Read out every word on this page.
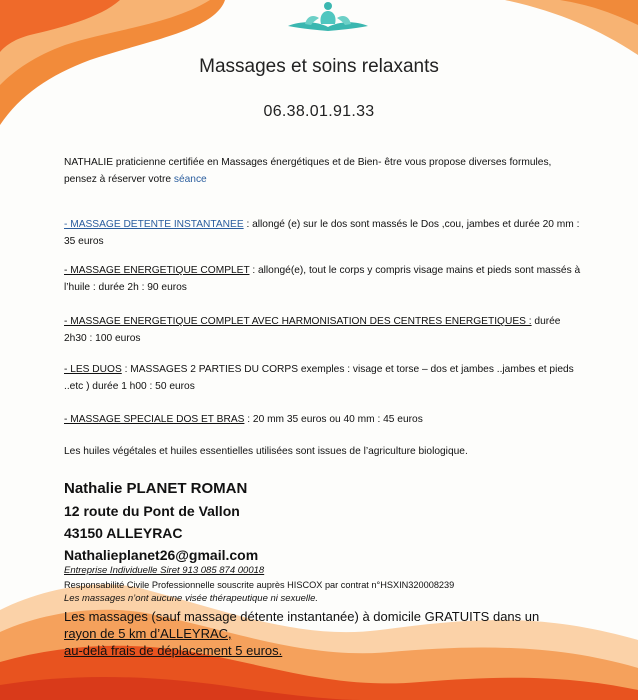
Massages et soins relaxants
06.38.01.91.33
NATHALIE praticienne certifiée en Massages énergétiques et de Bien- être vous propose diverses formules, pensez à réserver votre séance
- MASSAGE DETENTE INSTANTANEE : allongé (e) sur le dos sont massés le Dos ,cou, jambes et durée 20 mm : 35 euros
- MASSAGE ENERGETIQUE COMPLET : allongé(e), tout le corps y compris visage mains et pieds sont massés à l’huile : durée 2h : 90 euros
- MASSAGE ENERGETIQUE COMPLET AVEC HARMONISATION DES CENTRES ENERGETIQUES : durée 2h30 : 100 euros
- LES DUOS : MASSAGES 2 PARTIES DU CORPS exemples : visage et torse – dos et jambes ..jambes et pieds ..etc ) durée 1 h00 : 50 euros
- MASSAGE SPECIALE DOS ET BRAS : 20 mm 35 euros ou 40 mm : 45 euros
Les huiles végétales et huiles essentielles utilisées sont issues de l’agriculture biologique.
Nathalie PLANET ROMAN
12 route du Pont de Vallon
43150 ALLEYRAC
Nathalieplanet26@gmail.com
Entreprise Individuelle Siret 913 085 874 00018
Responsabilité Civile Professionnelle souscrite auprès HISCOX par contrat n°HSXIN320008239
Les massages n’ont aucune visée thérapeutique ni sexuelle.
Les massages (sauf massage détente instantanée) à domicile GRATUITS dans un
rayon de 5 km d’ALLEYRAC,
au-delà frais de déplacement 5 euros.
